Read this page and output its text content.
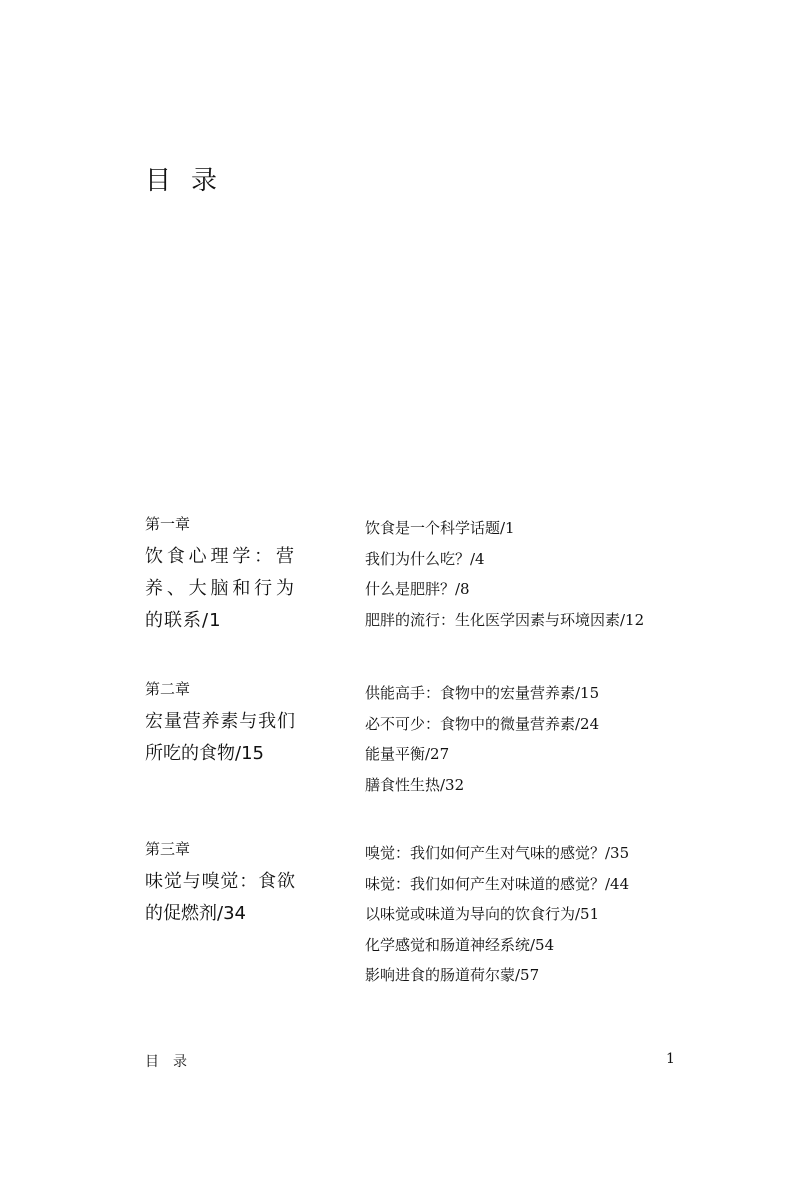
目录
第一章
饮食心理学：营养、大脑和行为的联系/1
饮食是一个科学话题/1
我们为什么吃？/4
什么是肥胖？/8
肥胖的流行：生化医学因素与环境因素/12
第二章
宏量营养素与我们所吃的食物/15
供能高手：食物中的宏量营养素/15
必不可少：食物中的微量营养素/24
能量平衡/27
膳食性生热/32
第三章
味觉与嗅觉：食欲的促燃剂/34
嗅觉：我们如何产生对气味的感觉？/35
味觉：我们如何产生对味道的感觉？/44
以味觉或味道为导向的饮食行为/51
化学感觉和肠道神经系统/54
影响进食的肠道荷尔蒙/57
目录	1
